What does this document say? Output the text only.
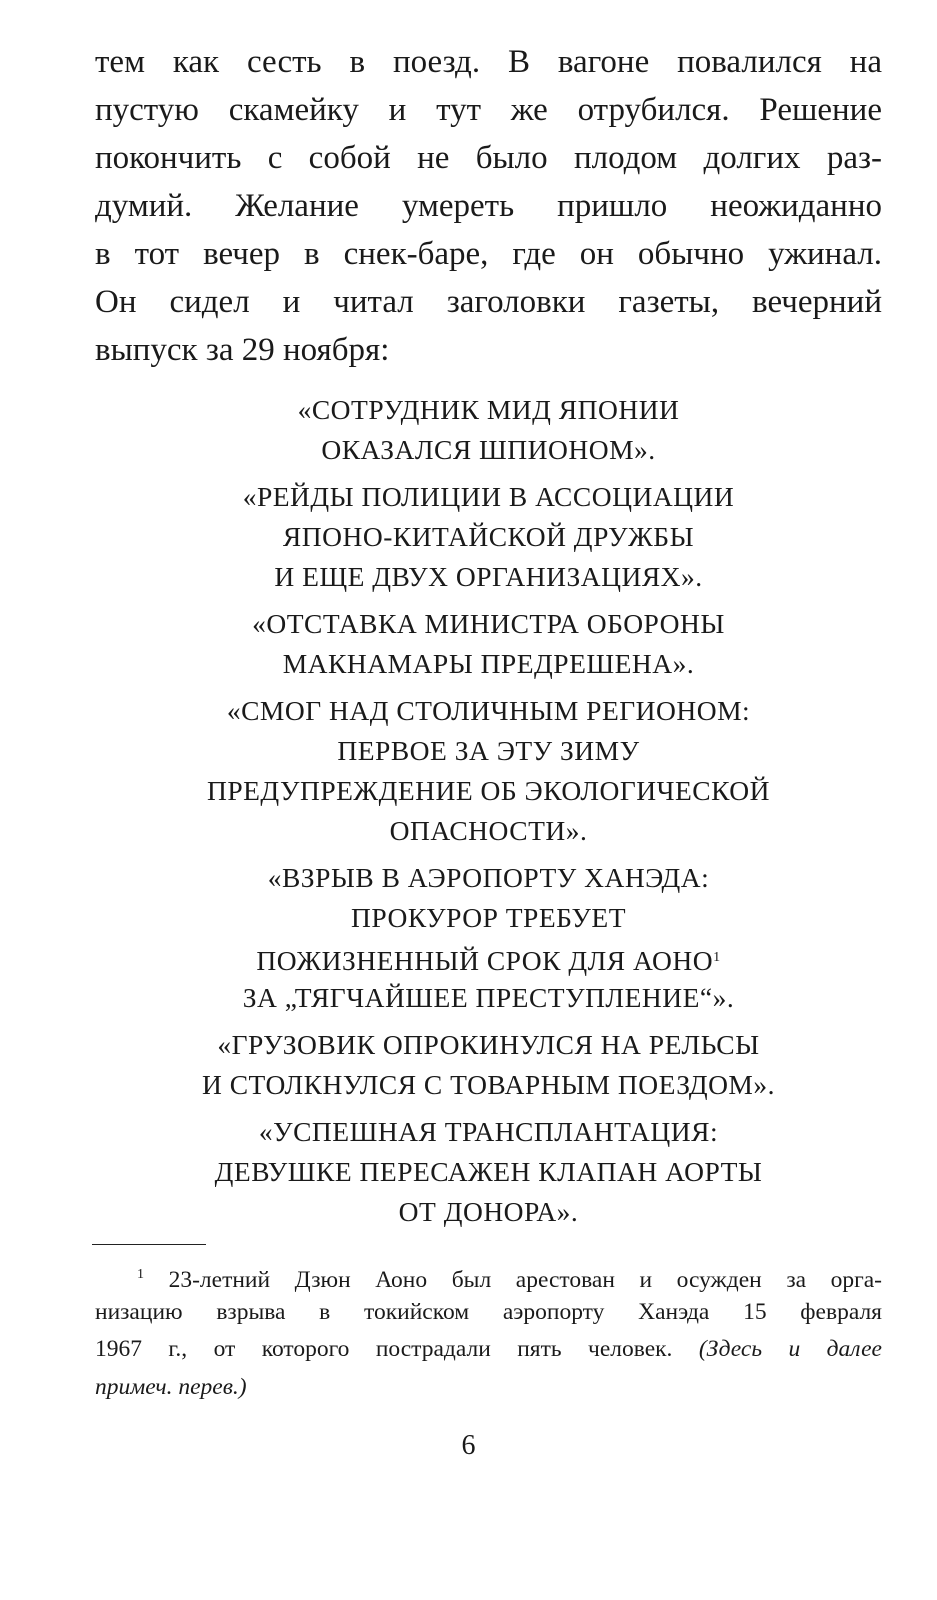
тем как сесть в поезд. В вагоне повалился на
пустую скамейку и тут же отрубился. Решение
покончить с собой не было плодом долгих раз-
думий. Желание умереть пришло неожиданно
в тот вечер в снек-баре, где он обычно ужинал.
Он сидел и читал заголовки газеты, вечерний
выпуск за 29 ноября:
«СОТРУДНИК МИД ЯПОНИИ
ОКАЗАЛСЯ ШПИОНОМ».
«РЕЙДЫ ПОЛИЦИИ В АССОЦИАЦИИ
ЯПОНО-КИТАЙСКОЙ ДРУЖБЫ
И ЕЩЕ ДВУХ ОРГАНИЗАЦИЯХ».
«ОТСТАВКА МИНИСТРА ОБОРОНЫ
МАКНАМАРЫ ПРЕДРЕШЕНА».
«СМОГ НАД СТОЛИЧНЫМ РЕГИОНОМ:
ПЕРВОЕ ЗА ЭТУ ЗИМУ
ПРЕДУПРЕЖДЕНИЕ ОБ ЭКОЛОГИЧЕСКОЙ
ОПАСНОСТИ».
«ВЗРЫВ В АЭРОПОРТУ ХАНЭДА:
ПРОКУРОР ТРЕБУЕТ
ПОЖИЗНЕННЫЙ СРОК ДЛЯ АОНО$^1$
ЗА „ТЯГЧАЙШЕЕ ПРЕСТУПЛЕНИЕ“».
«ГРУЗОВИК ОПРОКИНУЛСЯ НА РЕЛЬСЫ
И СТОЛКНУЛСЯ С ТОВАРНЫМ ПОЕЗДОМ».
«УСПЕШНАЯ ТРАНСПЛАНТАЦИЯ:
ДЕВУШКЕ ПЕРЕСАЖЕН КЛАПАН АОРТЫ
ОТ ДОНОРА».
$^1$ 23-летний Дзюн Аоно был арестован и осужден за орга-
низацию взрыва в токийском аэропорту Ханэда 15 февраля
1967 г., от которого пострадали пять человек. (Здесь и далее
примеч. перев.)
6
